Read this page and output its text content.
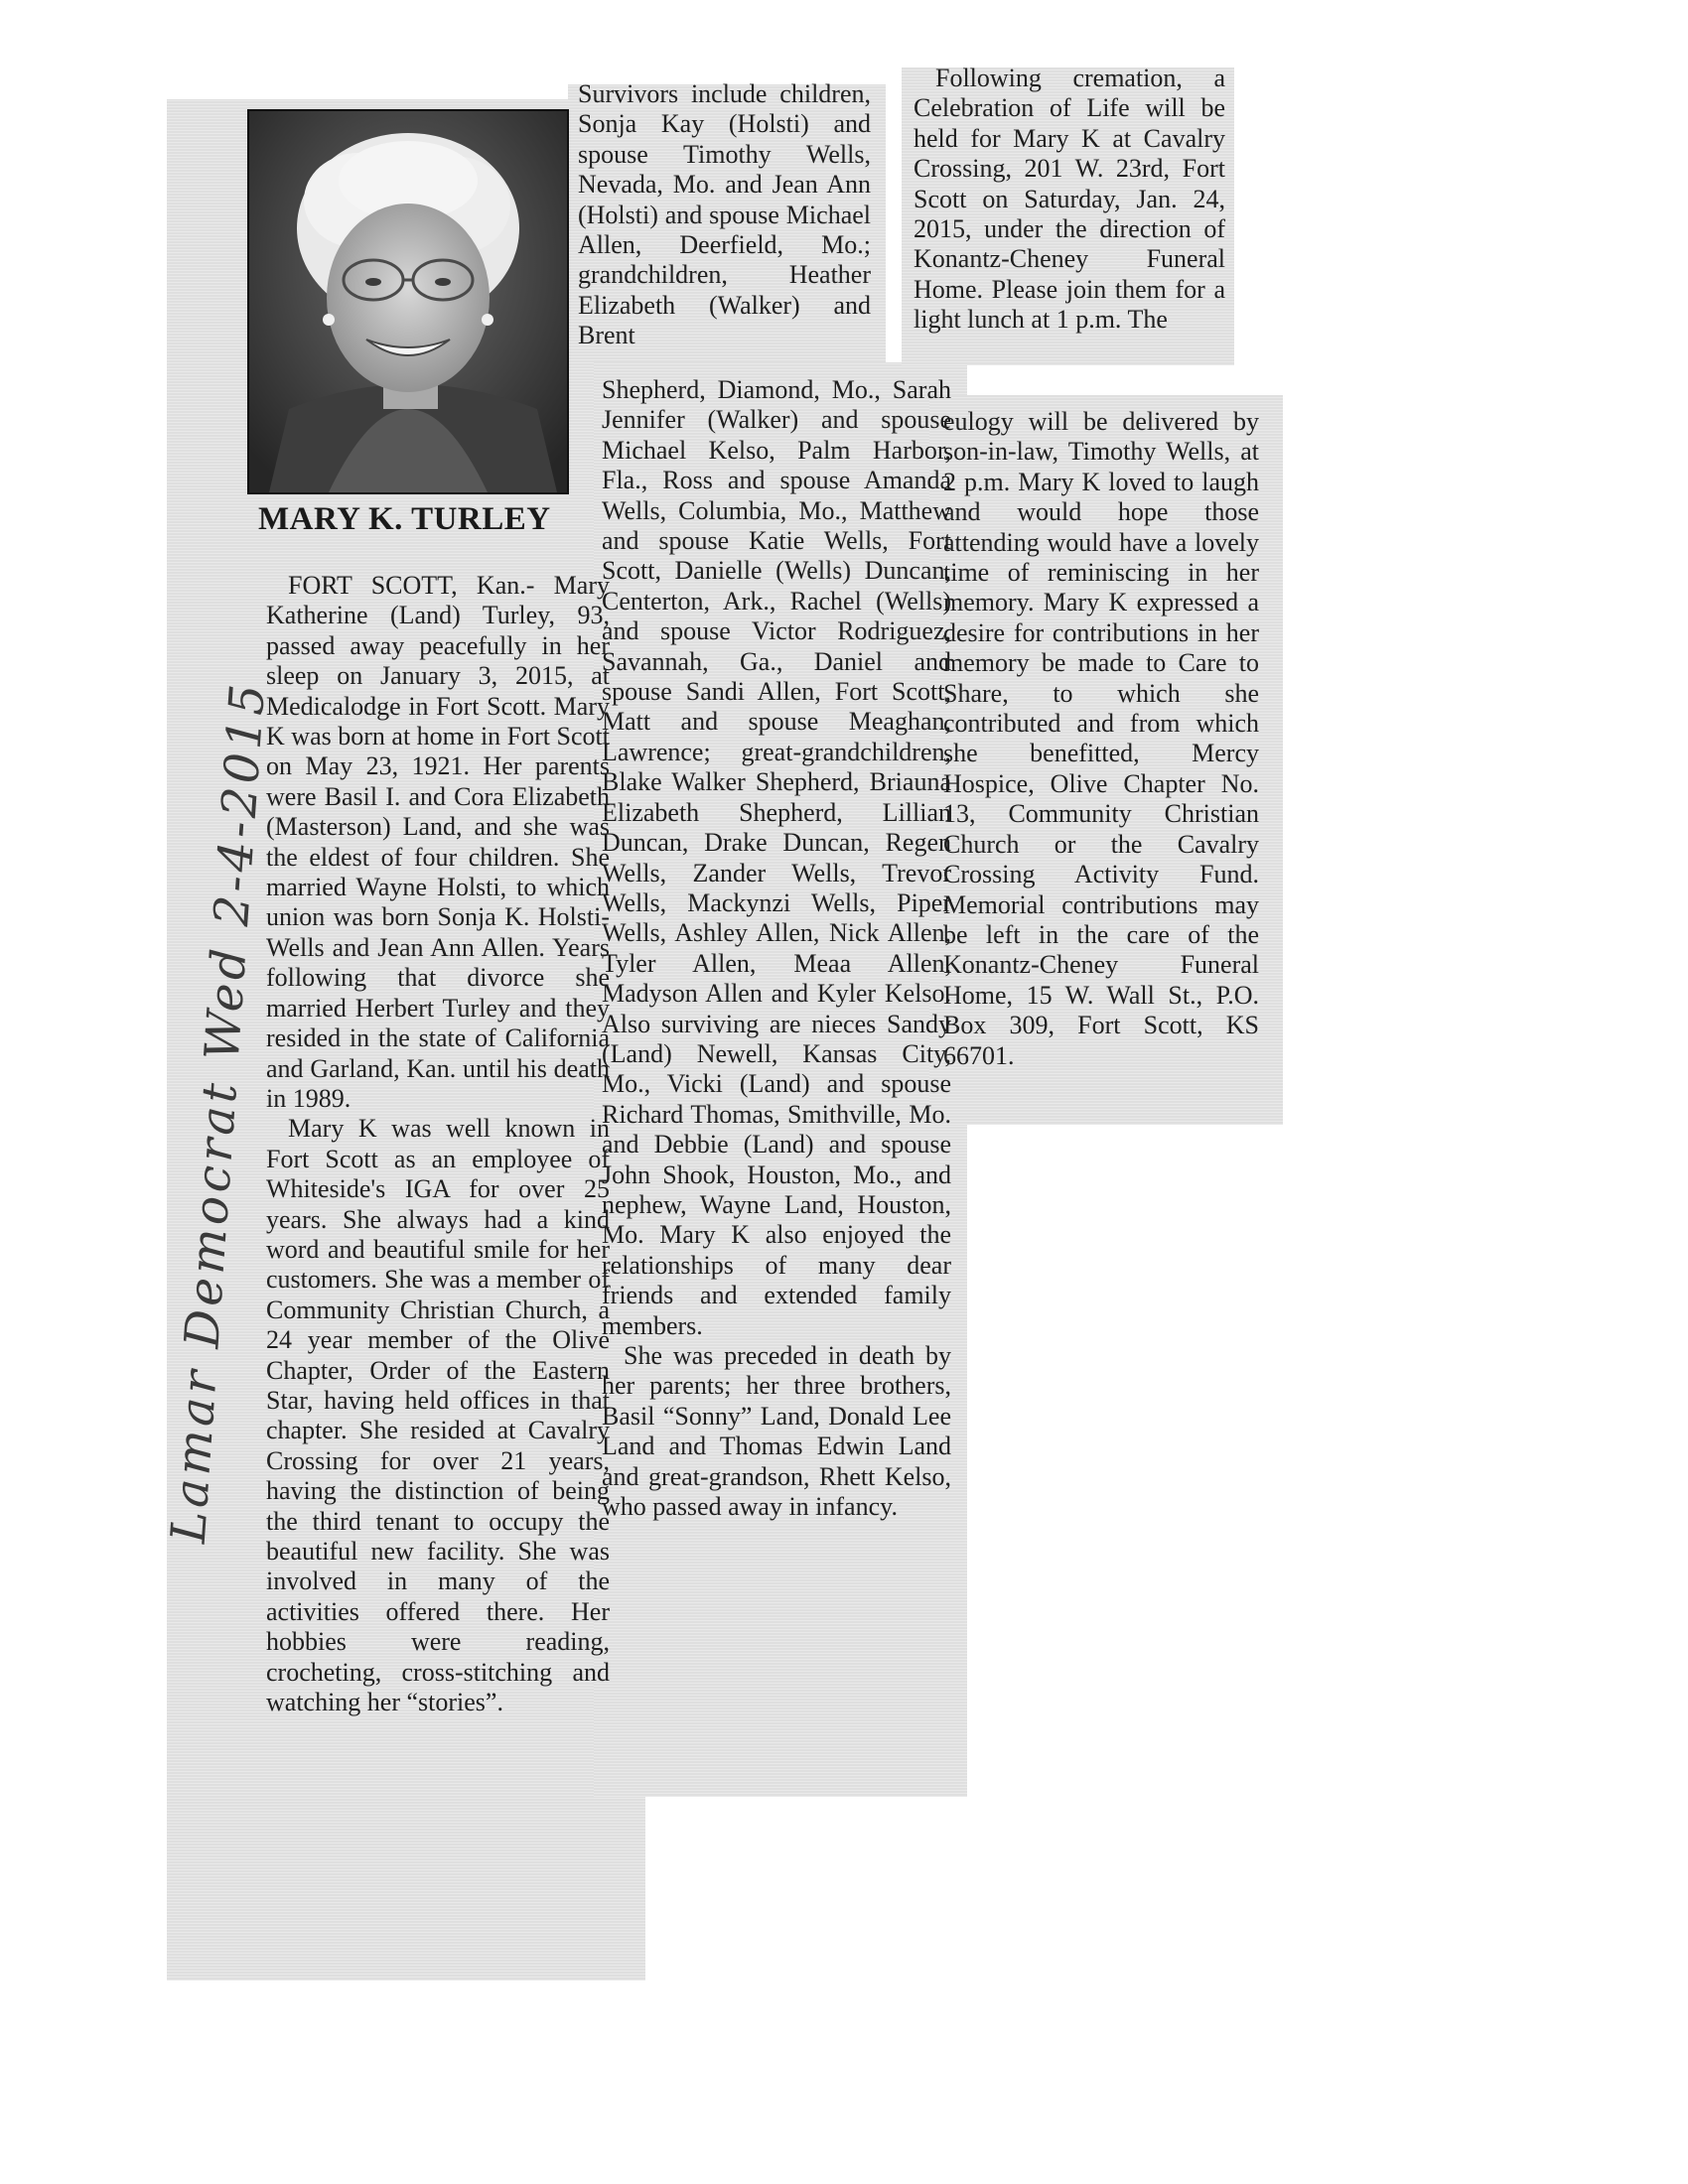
MARY K. TURLEY
Lamar Democrat Wed 2-4-2015

FORT SCOTT, Kan.- Mary Katherine (Land) Turley, 93, passed away peacefully in her sleep on January 3, 2015, at Medicalodge in Fort Scott. Mary K was born at home in Fort Scott on May 23, 1921. Her parents were Basil I. and Cora Elizabeth (Masterson) Land, and she was the eldest of four children. She married Wayne Holsti, to which union was born Sonja K. Holsti-Wells and Jean Ann Allen. Years following that divorce she married Herbert Turley and they resided in the state of California and Garland, Kan. until his death in 1989.

Mary K was well known in Fort Scott as an employee of Whiteside's IGA for over 25 years. She always had a kind word and beautiful smile for her customers. She was a member of Community Christian Church, a 24 year member of the Olive Chapter, Order of the Eastern Star, having held offices in that chapter. She resided at Cavalry Crossing for over 21 years, having the distinction of being the third tenant to occupy the beautiful new facility. She was involved in many of the activities offered there. Her hobbies were reading, crocheting, cross-stitching and watching her “stories”.

Survivors include children, Sonja Kay (Holsti) and spouse Timothy Wells, Nevada, Mo. and Jean Ann (Holsti) and spouse Michael Allen, Deerfield, Mo.; grandchildren, Heather Elizabeth (Walker) and Brent

Shepherd, Diamond, Mo., Sarah Jennifer (Walker) and spouse Michael Kelso, Palm Harbor, Fla., Ross and spouse Amanda Wells, Columbia, Mo., Matthew and spouse Katie Wells, Fort Scott, Danielle (Wells) Duncan, Centerton, Ark., Rachel (Wells) and spouse Victor Rodriguez, Savannah, Ga., Daniel and spouse Sandi Allen, Fort Scott, Matt and spouse Meaghan, Lawrence; great-grandchildren, Blake Walker Shepherd, Briauna Elizabeth Shepherd, Lillian Duncan, Drake Duncan, Regen Wells, Zander Wells, Trevor Wells, Mackynzi Wells, Piper Wells, Ashley Allen, Nick Allen, Tyler Allen, Meaa Allen, Madyson Allen and Kyler Kelso. Also surviving are nieces Sandy (Land) Newell, Kansas City, Mo., Vicki (Land) and spouse Richard Thomas, Smithville, Mo. and Debbie (Land) and spouse John Shook, Houston, Mo., and nephew, Wayne Land, Houston, Mo. Mary K also enjoyed the relationships of many dear friends and extended family members.

She was preceded in death by her parents; her three brothers, Basil “Sonny” Land, Donald Lee Land and Thomas Edwin Land and great-grandson, Rhett Kelso, who passed away in infancy.

Following cremation, a Celebration of Life will be held for Mary K at Cavalry Crossing, 201 W. 23rd, Fort Scott on Saturday, Jan. 24, 2015, under the direction of Konantz-Cheney Funeral Home. Please join them for a light lunch at 1 p.m. The

eulogy will be delivered by son-in-law, Timothy Wells, at 2 p.m. Mary K loved to laugh and would hope those attending would have a lovely time of reminiscing in her memory. Mary K expressed a desire for contributions in her memory be made to Care to Share, to which she contributed and from which she benefitted, Mercy Hospice, Olive Chapter No. 13, Community Christian Church or the Cavalry Crossing Activity Fund. Memorial contributions may be left in the care of the Konantz-Cheney Funeral Home, 15 W. Wall St., P.O. Box 309, Fort Scott, KS 66701.
